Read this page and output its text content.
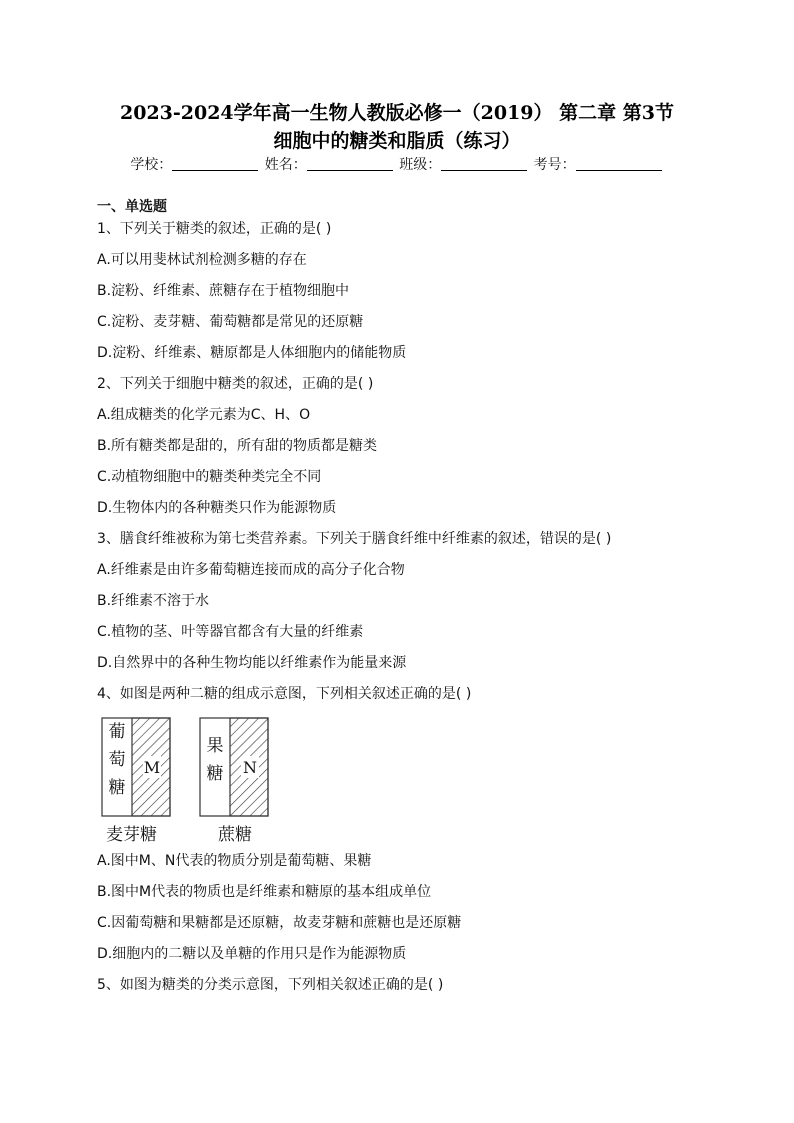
2023-2024学年高一生物人教版必修一（2019） 第二章 第3节
细胞中的糖类和脂质（练习）
学校：	姓名：	班级：	考号：
一、单选题
1、下列关于糖类的叙述，正确的是( )
A.可以用斐林试剂检测多糖的存在
B.淀粉、纤维素、蔗糖存在于植物细胞中
C.淀粉、麦芽糖、葡萄糖都是常见的还原糖
D.淀粉、纤维素、糖原都是人体细胞内的储能物质
2、下列关于细胞中糖类的叙述，正确的是( )
A.组成糖类的化学元素为C、H、O
B.所有糖类都是甜的，所有甜的物质都是糖类
C.动植物细胞中的糖类种类完全不同
D.生物体内的各种糖类只作为能源物质
3、膳食纤维被称为第七类营养素。下列关于膳食纤维中纤维素的叙述，错误的是( )
A.纤维素是由许多葡萄糖连接而成的高分子化合物
B.纤维素不溶于水
C.植物的茎、叶等器官都含有大量的纤维素
D.自然界中的各种生物均能以纤维素作为能量来源
4、如图是两种二糖的组成示意图，下列相关叙述正确的是( )
葡
萄
糖
M
果
糖	N
麦芽糖	蔗糖
A.图中M、N代表的物质分别是葡萄糖、果糖
B.图中M代表的物质也是纤维素和糖原的基本组成单位
C.因葡萄糖和果糖都是还原糖，故麦芽糖和蔗糖也是还原糖
D.细胞内的二糖以及单糖的作用只是作为能源物质
5、如图为糖类的分类示意图，下列相关叙述正确的是( )
